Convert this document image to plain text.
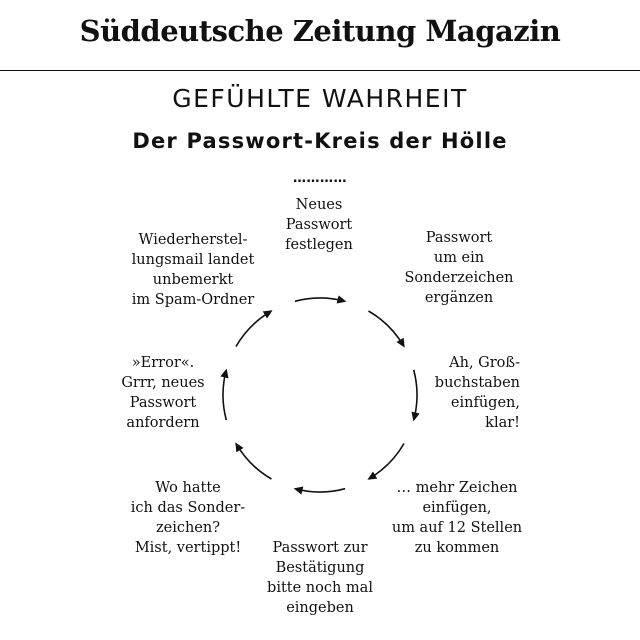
Süddeutsche Zeitung Magazin
GEFÜHLTE WAHRHEIT
Der Passwort-Kreis der Hölle
…………
Neues
Passwort
festlegen	Passwort
um ein
Sonderzeichen
ergänzen
Ah, Groß-
buchstaben
einfügen,
klar!
… mehr Zeichen
einfügen,
um auf 12 Stellen
zu kommen
Passwort zur
Bestätigung
bitte noch mal
eingeben
Wo hatte
ich das Sonder-
zeichen?
Mist, vertippt!
»Error«.
Grrr, neues
Passwort
anfordern
Wiederherstel-
lungsmail landet
unbemerkt
im Spam-Ordner
